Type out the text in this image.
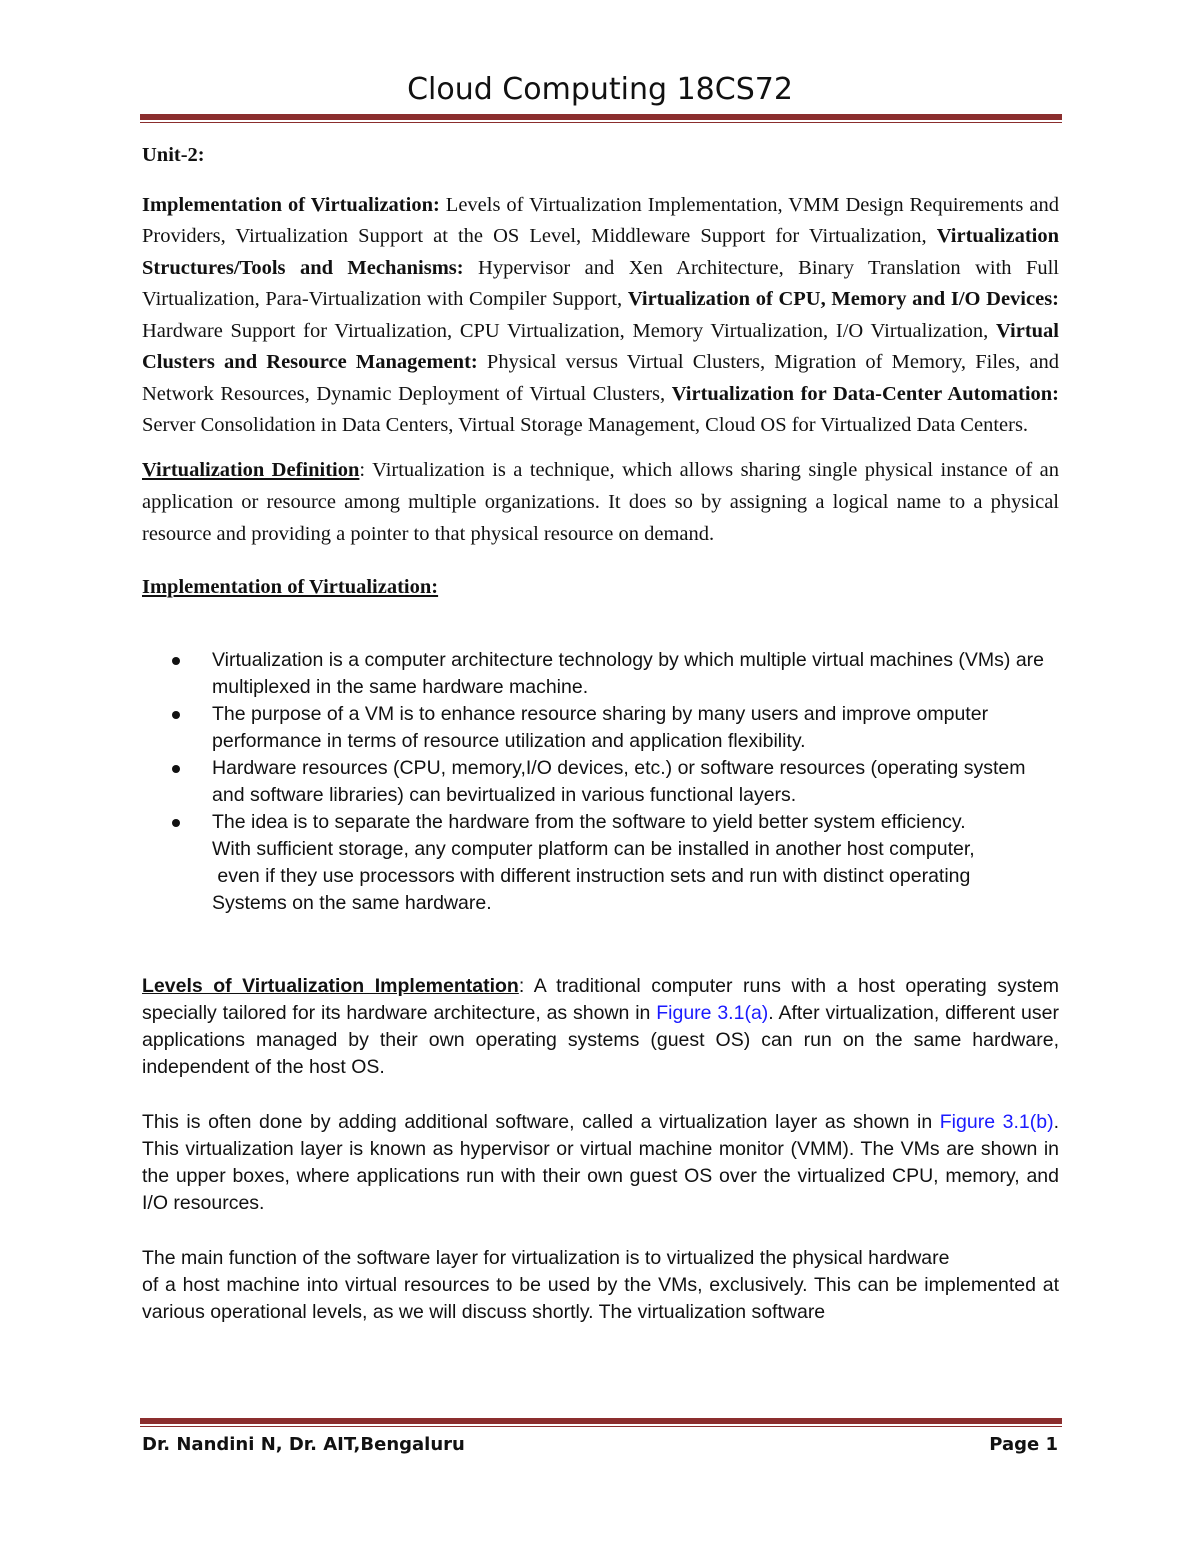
Cloud Computing 18CS72

Unit-2:

Implementation of Virtualization: Levels of Virtualization Implementation, VMM Design Requirements and Providers, Virtualization Support at the OS Level, Middleware Support for Virtualization, Virtualization Structures/Tools and Mechanisms: Hypervisor and Xen Architecture, Binary Translation with Full Virtualization, Para-Virtualization with Compiler Support, Virtualization of CPU, Memory and I/O Devices: Hardware Support for Virtualization, CPU Virtualization, Memory Virtualization, I/O Virtualization, Virtual Clusters and Resource Management: Physical versus Virtual Clusters, Migration of Memory, Files, and Network Resources, Dynamic Deployment of Virtual Clusters, Virtualization for Data-Center Automation: Server Consolidation in Data Centers, Virtual Storage Management, Cloud OS for Virtualized Data Centers.

Virtualization Definition: Virtualization is a technique, which allows sharing single physical instance of an application or resource among multiple organizations. It does so by assigning a logical name to a physical resource and providing a pointer to that physical resource on demand.

Implementation of Virtualization:

Virtualization is a computer architecture technology by which multiple virtual machines (VMs) are multiplexed in the same hardware machine.
The purpose of a VM is to enhance resource sharing by many users and improve omputer performance in terms of resource utilization and application flexibility.
Hardware resources (CPU, memory,I/O devices, etc.) or software resources (operating system and software libraries) can bevirtualized in various functional layers.
The idea is to separate the hardware from the software to yield better system efficiency.
With sufficient storage, any computer platform can be installed in another host computer,
even if they use processors with different instruction sets and run with distinct operating
Systems on the same hardware.

Levels of Virtualization Implementation: A traditional computer runs with a host operating system specially tailored for its hardware architecture, as shown in Figure 3.1(a). After virtualization, different user applications managed by their own operating systems (guest OS) can run on the same hardware, independent of the host OS.

This is often done by adding additional software, called a virtualization layer as shown in Figure 3.1(b). This virtualization layer is known as hypervisor or virtual machine monitor (VMM). The VMs are shown in the upper boxes, where applications run with their own guest OS over the virtualized CPU, memory, and I/O resources.

The main function of the software layer for virtualization is to virtualized the physical hardware

of a host machine into virtual resources to be used by the VMs, exclusively. This can be implemented at various operational levels, as we will discuss shortly. The virtualization software

Dr. Nandini N, Dr. AIT,Bengaluru	Page 1
